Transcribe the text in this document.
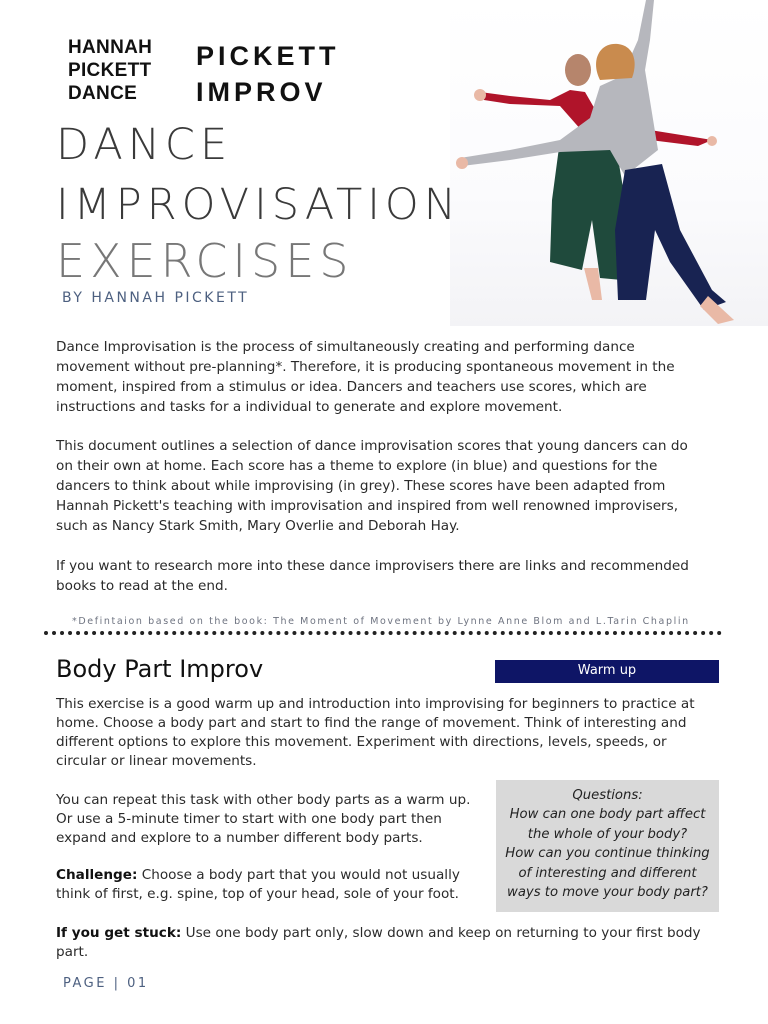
HANNAH
PICKETT
DANCE
PICKETT
IMPROV
DANCE
IMPROVISATION
EXERCISES
BY HANNAH PICKETT

Dance Improvisation is the process of simultaneously creating and performing dance movement without pre-planning*. Therefore, it is producing spontaneous movement in the moment, inspired from a stimulus or idea. Dancers and teachers use scores, which are instructions and tasks for a individual to generate and explore movement.

This document outlines a selection of dance improvisation scores that young dancers can do on their own at home. Each score has a theme to explore (in blue) and questions for the dancers to think about while improvising (in grey). These scores have been adapted from Hannah Pickett's teaching with improvisation and inspired from well renowned improvisers, such as Nancy Stark Smith, Mary Overlie and Deborah Hay.

If you want to research more into these dance improvisers there are links and recommended books to read at the end.

*Defintaion based on the book: The Moment of Movement by Lynne Anne Blom and L.Tarin Chaplin
Body Part Improv	Warm up

This exercise is a good warm up and introduction into improvising for beginners to practice at home. Choose a body part and start to find the range of movement. Think of interesting and different options to explore this movement. Experiment with directions, levels, speeds, or circular or linear movements.

You can repeat this task with other body parts as a warm up. Or use a 5-minute timer to start with one body part then expand and explore to a number different body parts.

Challenge: Choose a body part that you would not usually think of first, e.g. spine, top of your head, sole of your foot.

If you get stuck: Use one body part only, slow down and keep on returning to your first body part.

Questions:
How can one body part affect
the whole of your body?
How can you continue thinking
of interesting and different
ways to move your body part?
PAGE | 01
